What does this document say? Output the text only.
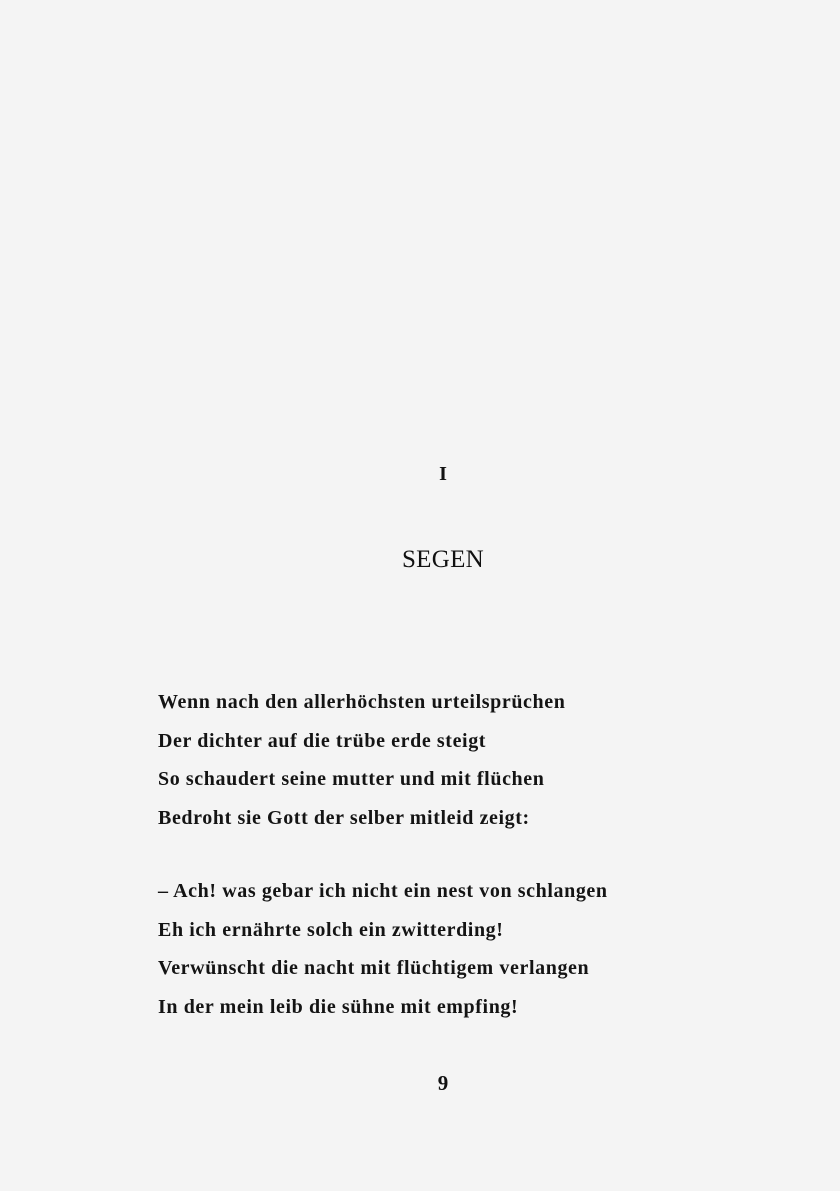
I
SEGEN
Wenn nach den allerhöchsten urteilsprüchen
Der dichter auf die trübe erde steigt
So schaudert seine mutter und mit flüchen
Bedroht sie Gott der selber mitleid zeigt:
– Ach! was gebar ich nicht ein nest von schlangen
Eh ich ernährte solch ein zwitterding!
Verwünscht die nacht mit flüchtigem verlangen
In der mein leib die sühne mit empfing!
9
